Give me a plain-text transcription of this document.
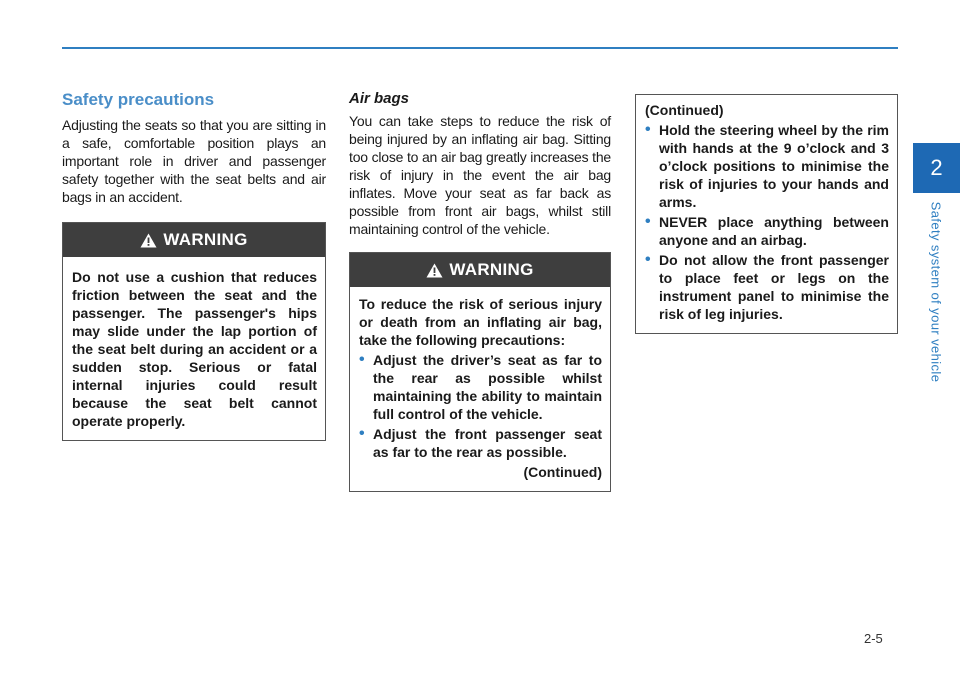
2
Safety system of your vehicle
Safety precautions

Adjusting the seats so that you are sitting in a safe, comfortable position plays an important role in driver and passenger safety together with the seat belts and air bags in an accident.

WARNING

Do not use a cushion that reduces friction between the seat and the passenger. The passenger's hips may slide under the lap portion of the seat belt during an accident or a sudden stop. Serious or fatal internal injuries could result because the seat belt cannot operate properly.

Air bags

You can take steps to reduce the risk of being injured by an inflating air bag. Sitting too close to an air bag greatly increases the risk of injury in the event the air bag inflates. Move your seat as far back as possible from front air bags, whilst still maintaining control of the vehicle.

WARNING

To reduce the risk of serious injury or death from an inflating air bag, take the following precautions:

• Adjust the driver’s seat as far to the rear as possible whilst maintaining the ability to maintain full control of the vehicle.
• Adjust the front passenger seat as far to the rear as possible.
(Continued)

(Continued)

• Hold the steering wheel by the rim with hands at the 9 o’clock and 3 o’clock positions to minimise the risk of injuries to your hands and arms.
• NEVER place anything between anyone and an airbag.
• Do not allow the front passenger to place feet or legs on the instrument panel to minimise the risk of leg injuries.
2-5
